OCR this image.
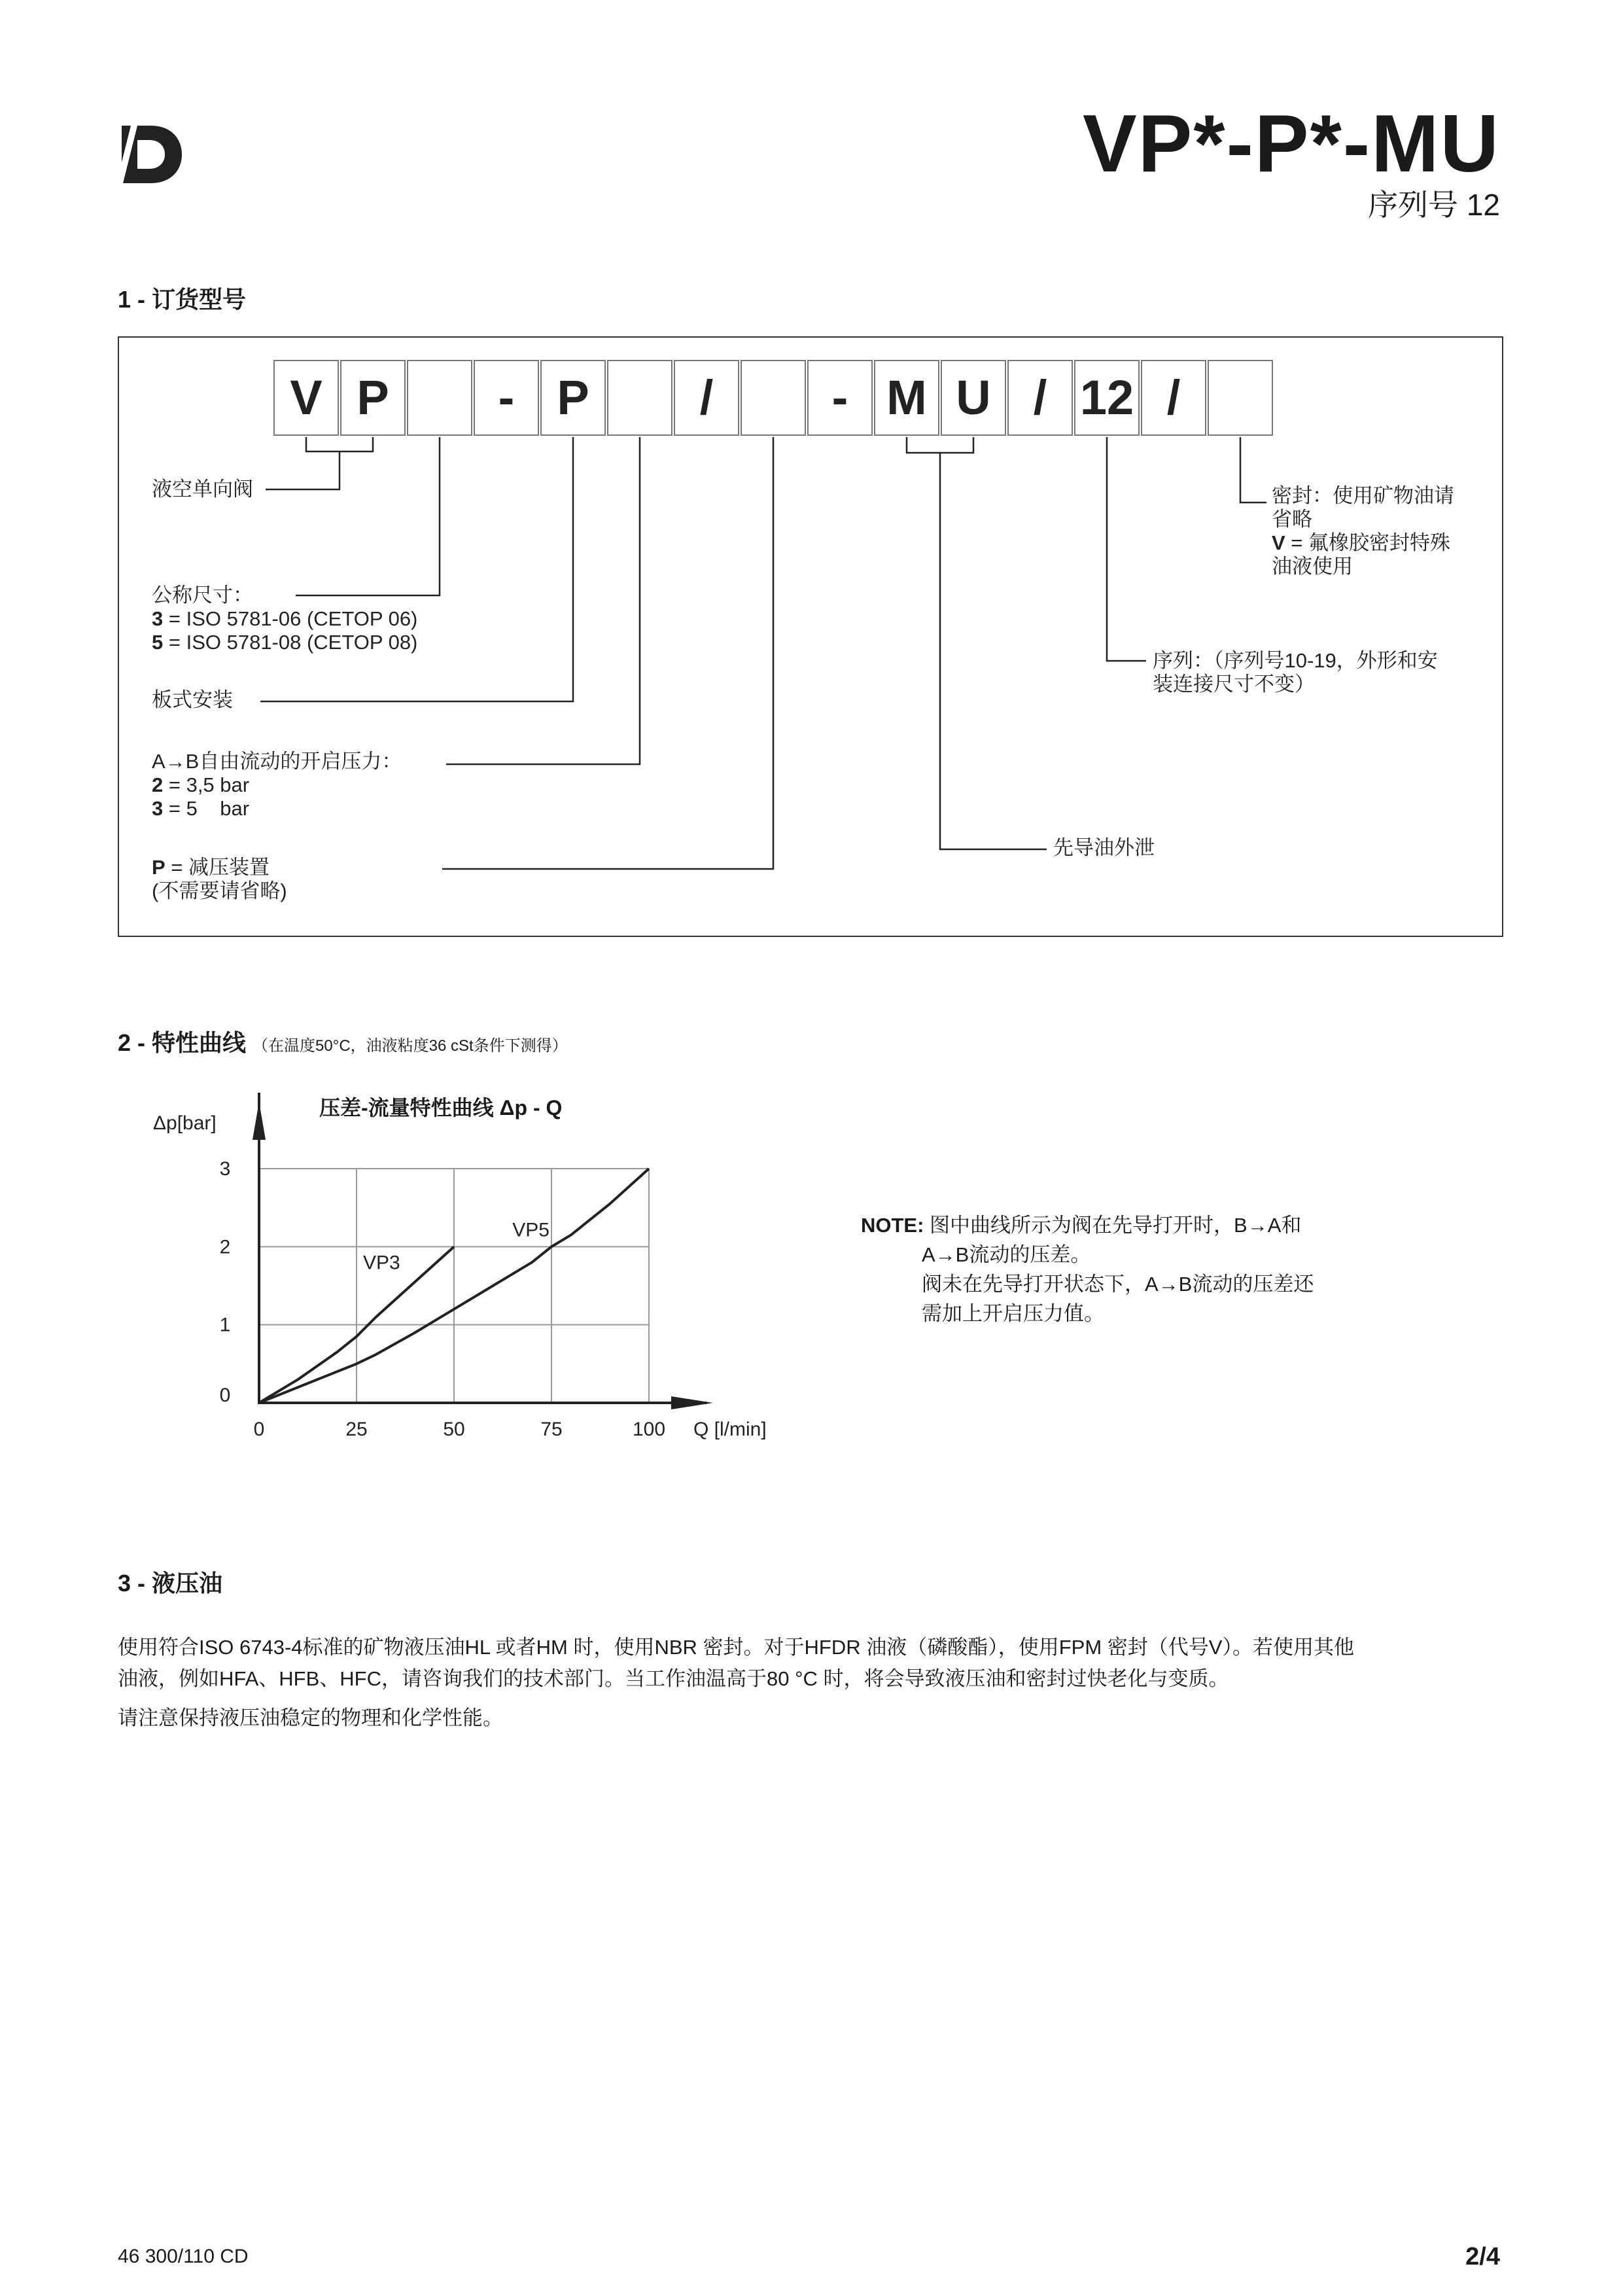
VP*-P*-MU
序列号 12
1 - 订货型号
V P	- P	/	- M U / 12 /
液空单向阀
公称尺寸：
3 = ISO 5781-06 (CETOP 06)
5 = ISO 5781-08 (CETOP 08)
板式安装
A→B自由流动的开启压力：
2 = 3,5 bar
3 = 5    bar
P = 减压装置
(不需要请省略)
密封：使用矿物油请
省略
V = 氟橡胶密封特殊
油液使用
序列：（序列号10-19，外形和安
装连接尺寸不变）
先导油外泄
2 - 特性曲线 （在温度50°C，油液粘度36 cSt条件下测得）
压差-流量特性曲线 Δp - Q
0	25	50	75	100
0
1
2
3
VP3
VP5
Δp[bar]
Q [l/min]
NOTE: 图中曲线所示为阀在先导打开时，B→A和
A→B流动的压差。
阀未在先导打开状态下，A→B流动的压差还
需加上开启压力值。
3 - 液压油
使用符合ISO 6743-4标准的矿物液压油HL 或者HM 时，使用NBR 密封。对于HFDR 油液（磷酸酯），使用FPM 密封（代号V）。若使用其他
油液，例如HFA、HFB、HFC，请咨询我们的技术部门。当工作油温高于80 °C 时，将会导致液压油和密封过快老化与变质。
请注意保持液压油稳定的物理和化学性能。
46 300/110 CD	2/4
